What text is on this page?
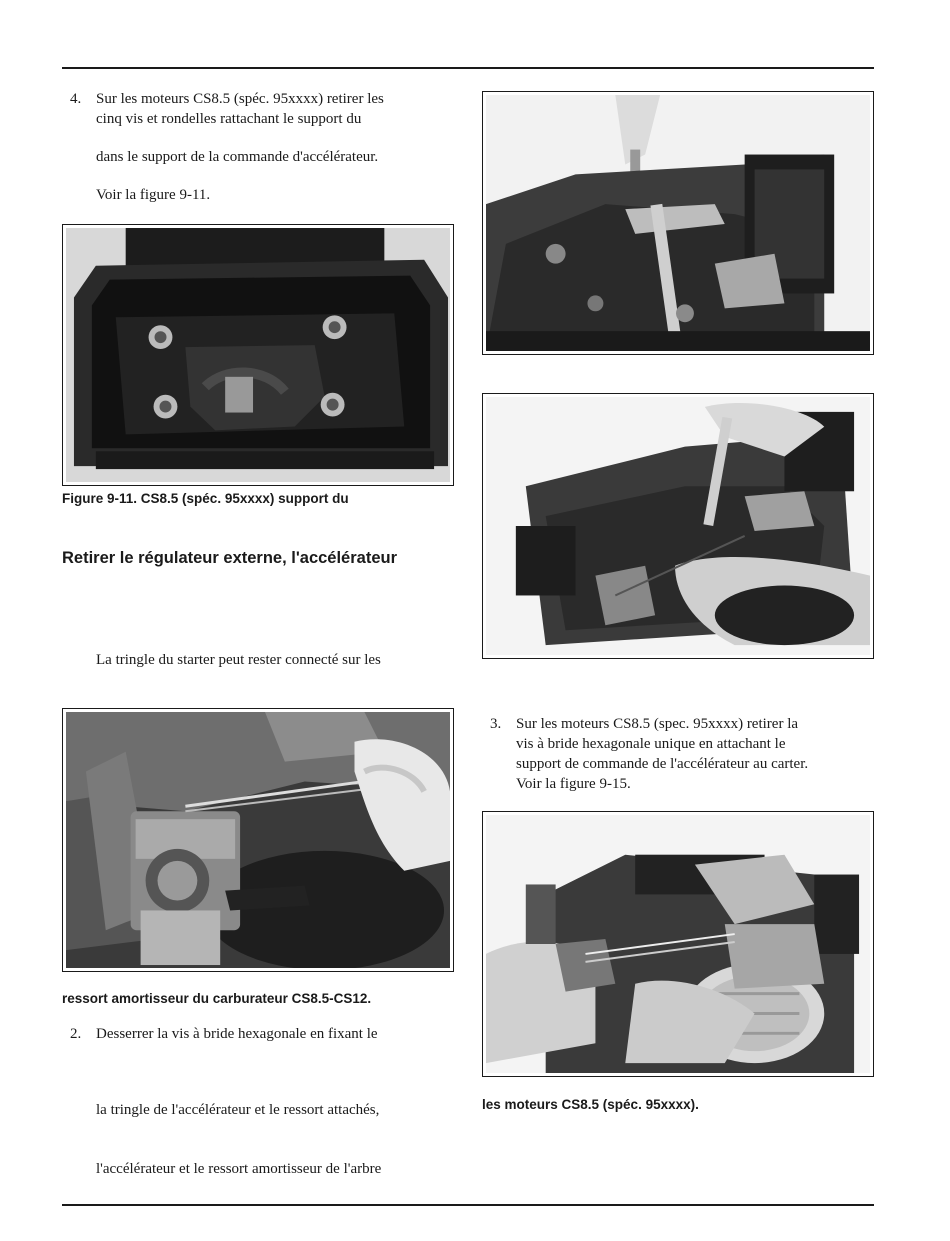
4. Sur les moteurs CS8.5 (spéc. 95xxxx) retirer les
cinq vis et rondelles rattachant le support du
dans le support de la commande d'accélérateur.
Voir la figure 9-11.
Figure 9-11. CS8.5 (spéc. 95xxxx) support du
Retirer le régulateur externe, l'accélérateur
La tringle du starter peut rester connecté sur les
ressort amortisseur du carburateur CS8.5-CS12.
2. Desserrer la vis à bride hexagonale en fixant le
la tringle de l'accélérateur et le ressort attachés,
l'accélérateur et le ressort amortisseur de l'arbre
3. Sur les moteurs CS8.5 (spec. 95xxxx) retirer la
vis à bride hexagonale unique en attachant le
support de commande de l'accélérateur au carter.
Voir la figure 9-15.
les moteurs CS8.5 (spéc. 95xxxx).
